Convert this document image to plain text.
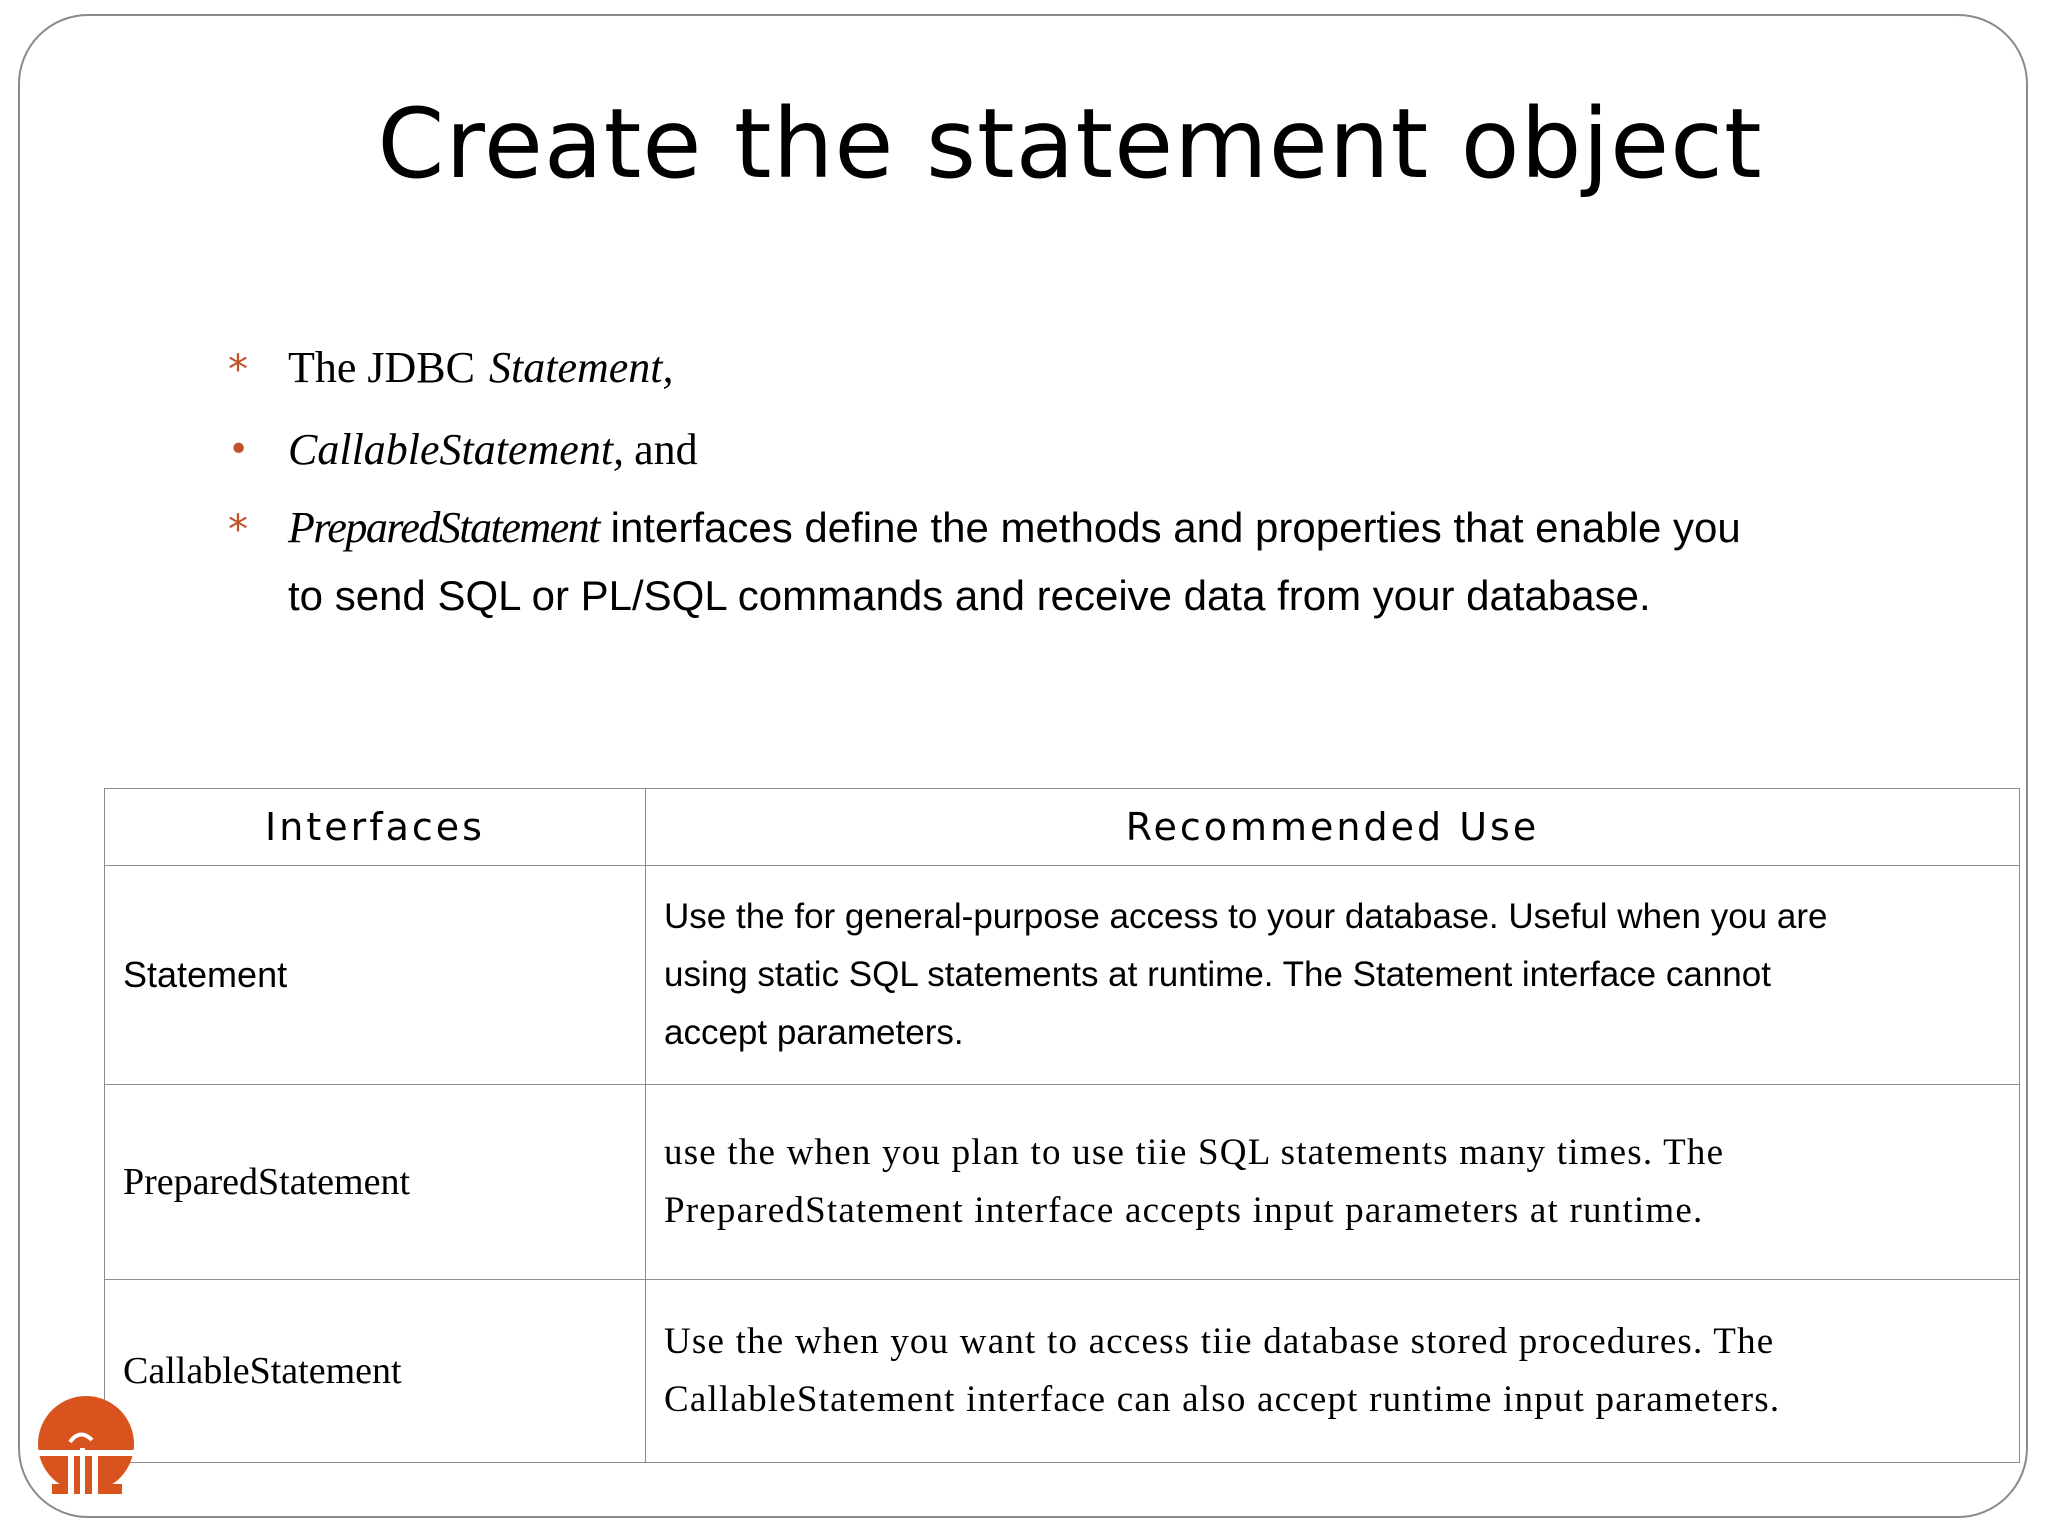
Create the statement object
* The JDBC Statement,
• CallableStatement, and
* PreparedStatement interfaces define the methods and properties that enable you
to send SQL or PL/SQL commands and receive data from your database.
Interfaces	Recommended Use
Statement	Use the for general-purpose access to your database. Useful when you are
using static SQL statements at runtime. The Statement interface cannot
accept parameters.

PreparedStatement	use the when you plan to use tiie SQL statements many times. The
PreparedStatement interface accepts input parameters at runtime.

CallableStatement	Use the when you want to access tiie database stored procedures. The
CallableStatement interface can also accept runtime input parameters.
